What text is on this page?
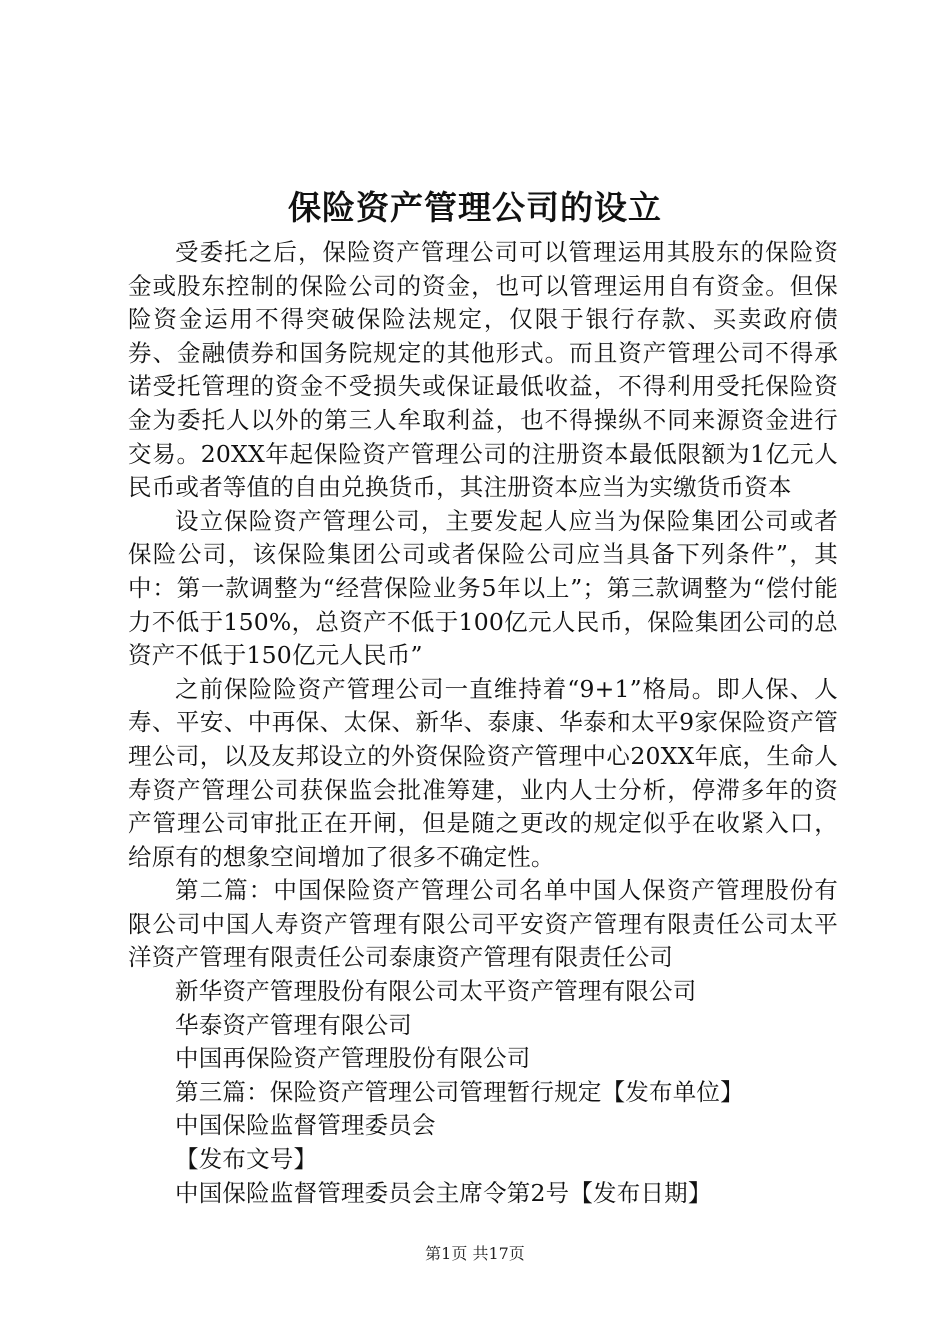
保险资产管理公司的设立

受委托之后，保险资产管理公司可以管理运用其股东的保险资金或股东控制的保险公司的资金，也可以管理运用自有资金。但保险资金运用不得突破保险法规定，仅限于银行存款、买卖政府债券、金融债券和国务院规定的其他形式。而且资产管理公司不得承诺受托管理的资金不受损失或保证最低收益，不得利用受托保险资金为委托人以外的第三人牟取利益，也不得操纵不同来源资金进行交易。20XX年起保险资产管理公司的注册资本最低限额为1亿元人民币或者等值的自由兑换货币，其注册资本应当为实缴货币资本

设立保险资产管理公司，主要发起人应当为保险集团公司或者保险公司，该保险集团公司或者保险公司应当具备下列条件”，其中：第一款调整为“经营保险业务5年以上”；第三款调整为“偿付能力不低于150%，总资产不低于100亿元人民币，保险集团公司的总资产不低于150亿元人民币”

之前保险险资产管理公司一直维持着“9+1”格局。即人保、人寿、平安、中再保、太保、新华、泰康、华泰和太平9家保险资产管理公司，以及友邦设立的外资保险资产管理中心20XX年底，生命人寿资产管理公司获保监会批准筹建，业内人士分析，停滞多年的资产管理公司审批正在开闸，但是随之更改的规定似乎在收紧入口，给原有的想象空间增加了很多不确定性。

第二篇：中国保险资产管理公司名单中国人保资产管理股份有限公司中国人寿资产管理有限公司平安资产管理有限责任公司太平洋资产管理有限责任公司泰康资产管理有限责任公司

新华资产管理股份有限公司太平资产管理有限公司

华泰资产管理有限公司

中国再保险资产管理股份有限公司

第三篇：保险资产管理公司管理暂行规定【发布单位】

中国保险监督管理委员会

【发布文号】

中国保险监督管理委员会主席令第2号【发布日期】

第1页 共17页
